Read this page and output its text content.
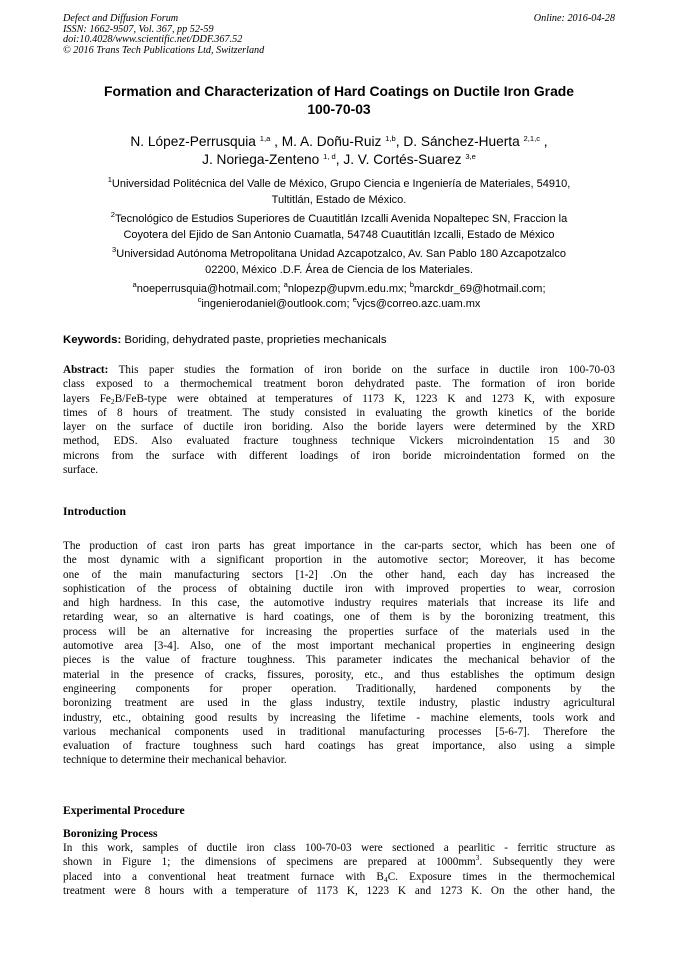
Defect and Diffusion Forum
ISSN: 1662-9507, Vol. 367, pp 52-59
doi:10.4028/www.scientific.net/DDF.367.52
© 2016 Trans Tech Publications Ltd, Switzerland
Online: 2016-04-28
Formation and Characterization of Hard Coatings on Ductile Iron Grade
100-70-03
N. López-Perrusquia $^{1,a}$ , M. A. Doñu-Ruiz $^{1,b}$, D. Sánchez-Huerta $^{2,1,c}$ ,
J. Noriega-Zenteno $^{1, d}$, J. V. Cortés-Suarez $^{3,e}$
$^1$Universidad Politécnica del Valle de México, Grupo Ciencia e Ingeniería de Materiales, 54910,
Tultitlán, Estado de México.
$^2$Tecnológico de Estudios Superiores de Cuautitlán Izcalli Avenida Nopaltepec SN, Fraccion la
Coyotera del Ejido de San Antonio Cuamatla, 54748 Cuautitlán Izcalli, Estado de México
$^3$Universidad Autónoma Metropolitana Unidad Azcapotzalco, Av. San Pablo 180 Azcapotzalco
02200, México .D.F. Área de Ciencia de los Materiales.
$^a$noeperrusquia@hotmail.com; $^a$nlopezp@upvm.edu.mx; $^b$marckdr_69@hotmail.com;
$^c$ingenierodaniel@outlook.com; $^e$vjcs@correo.azc.uam.mx
Keywords: Boriding, dehydrated paste, proprieties mechanicals
Abstract: This paper studies the formation of iron boride on the surface in ductile iron 100-70-03
class exposed to a thermochemical treatment boron dehydrated paste. The formation of iron boride
layers $Fe_2B/FeB$-type were obtained at temperatures of 1173 K, 1223 K and 1273 K, with exposure
times of 8 hours of treatment. The study consisted in evaluating the growth kinetics of the boride
layer on the surface of ductile iron boriding. Also the boride layers were determined by the XRD
method, EDS. Also evaluated fracture toughness technique Vickers microindentation 15 and 30
microns from the surface with different loadings of iron boride microindentation formed on the
surface.
Introduction
The production of cast iron parts has great importance in the car-parts sector, which has been one of
the most dynamic with a significant proportion in the automotive sector; Moreover, it has become
one of the main manufacturing sectors [1-2] .On the other hand, each day has increased the
sophistication of the process of obtaining ductile iron with improved properties to wear, corrosion
and high hardness. In this case, the automotive industry requires materials that increase its life and
retarding wear, so an alternative is hard coatings, one of them is by the boronizing treatment, this
process will be an alternative for increasing the properties surface of the materials used in the
automotive area [3-4]. Also, one of the most important mechanical properties in engineering design
pieces is the value of fracture toughness. This parameter indicates the mechanical behavior of the
material in the presence of cracks, fissures, porosity, etc., and thus establishes the optimum design
engineering components for proper operation. Traditionally, hardened components by the
boronizing treatment are used in the glass industry, textile industry, plastic industry agricultural
industry, etc., obtaining good results by increasing the lifetime - machine elements, tools work and
various mechanical components used in traditional manufacturing processes [5-6-7]. Therefore the
evaluation of fracture toughness such hard coatings has great importance, also using a simple
technique to determine their mechanical behavior.
Experimental Procedure
Boronizing Process
In this work, samples of ductile iron class 100-70-03 were sectioned a pearlitic - ferritic structure as
shown in Figure 1; the dimensions of specimens are prepared at $1000mm^3$. Subsequently they were
placed into a conventional heat treatment furnace with $B_4C$. Exposure times in the thermochemical
treatment were 8 hours with a temperature of 1173 K, 1223 K and 1273 K. On the other hand, the
